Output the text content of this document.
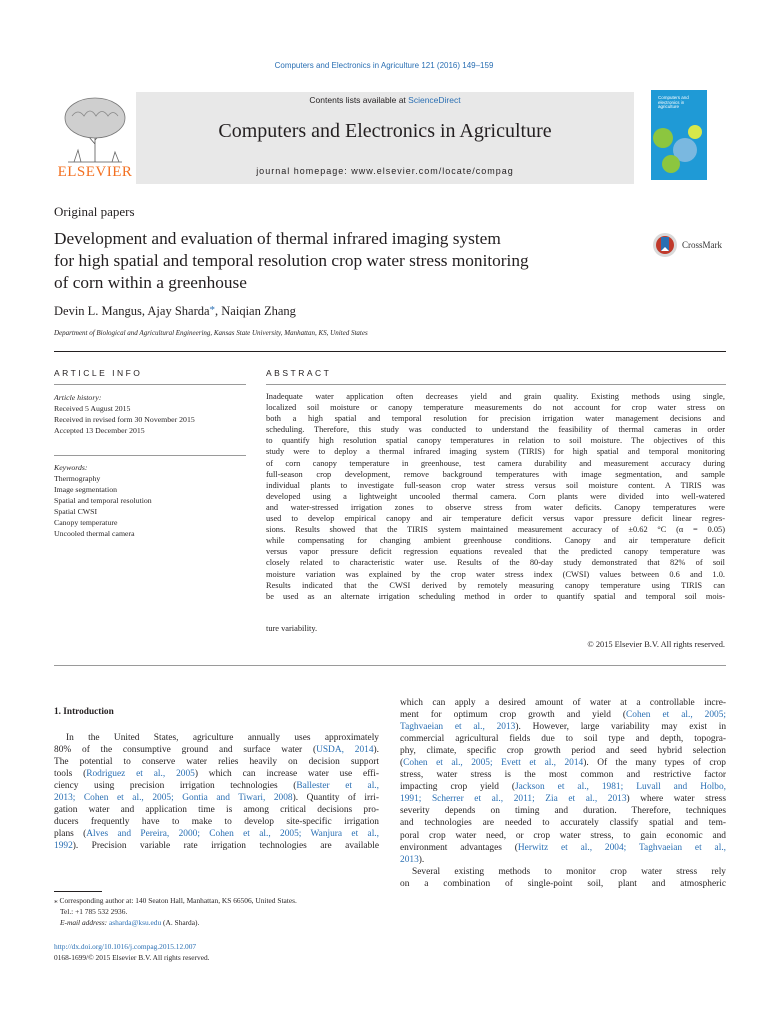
Computers and Electronics in Agriculture 121 (2016) 149–159
ELSEVIER
Contents lists available at ScienceDirect
Computers and Electronics in Agriculture
journal homepage: www.elsevier.com/locate/compag
Computers and electronics in agriculture
Original papers
Development and evaluation of thermal infrared imaging system
for high spatial and temporal resolution crop water stress monitoring
of corn within a greenhouse
CrossMark
Devin L. Mangus, Ajay Sharda*, Naiqian Zhang
Department of Biological and Agricultural Engineering, Kansas State University, Manhattan, KS, United States
ARTICLE INFO	ABSTRACT
Article history:
Received 5 August 2015
Received in revised form 30 November 2015
Accepted 13 December 2015
Keywords:
Thermography
Image segmentation
Spatial and temporal resolution
Spatial CWSI
Canopy temperature
Uncooled thermal camera
Inadequate water application often decreases yield and grain quality. Existing methods using single,
localized soil moisture or canopy temperature measurements do not account for crop water stress on
both a high spatial and temporal resolution for precision irrigation water management decisions and
scheduling. Therefore, this study was conducted to understand the feasibility of thermal cameras in order
to quantify high resolution spatial canopy temperatures in relation to soil moisture. The objectives of this
study were to deploy a thermal infrared imaging system (TIRIS) for high spatial and temporal monitoring
of corn canopy temperature in greenhouse, test camera durability and measurement accuracy during
full-season crop development, remove background temperatures with image segmentation, and sample
individual plants to investigate full-season crop water stress versus soil moisture content. A TIRIS was
developed using a lightweight uncooled thermal camera. Corn plants were divided into well-watered
and water-stressed irrigation zones to observe stress from water deficits. Canopy temperatures were
used to develop empirical canopy and air temperature deficit versus vapor pressure deficit linear regres-
sions. Results showed that the TIRIS system maintained measurement accuracy of ±0.62 °C (α = 0.05)
while compensating for changing ambient greenhouse conditions. Canopy and air temperature deficit
versus vapor pressure deficit regression equations revealed that the predicted canopy temperature was
closely related to characteristic water use. Results of the 80-day study demonstrated that 82% of soil
moisture variation was explained by the crop water stress index (CWSI) values between 0.6 and 1.0.
Results indicated that the CWSI derived by remotely measuring canopy temperature using TIRIS can
be used as an alternate irrigation scheduling method in order to quantify spatial and temporal soil mois-
ture variability.
© 2015 Elsevier B.V. All rights reserved.
1. Introduction
In the United States, agriculture annually uses approximately
80% of the consumptive ground and surface water (USDA, 2014).
The potential to conserve water relies heavily on decision support
tools (Rodriguez et al., 2005) which can increase water use effi-
ciency using precision irrigation technologies (Ballester et al.,
2013; Cohen et al., 2005; Gontia and Tiwari, 2008). Quantity of irri-
gation water and application time is among critical decisions pro-
ducers frequently have to make to develop site-specific irrigation
plans (Alves and Pereira, 2000; Cohen et al., 2005; Wanjura et al.,
1992). Precision variable rate irrigation technologies are available
which can apply a desired amount of water at a controllable incre-
ment for optimum crop growth and yield (Cohen et al., 2005;
Taghvaeian et al., 2013). However, large variability may exist in
commercial agricultural fields due to soil type and depth, topogra-
phy, climate, specific crop growth period and seed hybrid selection
(Cohen et al., 2005; Evett et al., 2014). Of the many types of crop
stress, water stress is the most common and restrictive factor
impacting crop yield (Jackson et al., 1981; Luvall and Holbo,
1991; Scherrer et al., 2011; Zia et al., 2013) where water stress
severity depends on timing and duration. Therefore, techniques
and technologies are needed to accurately classify spatial and tem-
poral crop water need, or crop water stress, to gain economic and
environment advantages (Herwitz et al., 2004; Taghvaeian et al.,
2013).
Several existing methods to monitor crop water stress rely
on a combination of single-point soil, plant and atmospheric
⁎ Corresponding author at: 140 Seaton Hall, Manhattan, KS 66506, United States.
Tel.: +1 785 532 2936.
E-mail address: asharda@ksu.edu (A. Sharda).
http://dx.doi.org/10.1016/j.compag.2015.12.007
0168-1699/© 2015 Elsevier B.V. All rights reserved.
